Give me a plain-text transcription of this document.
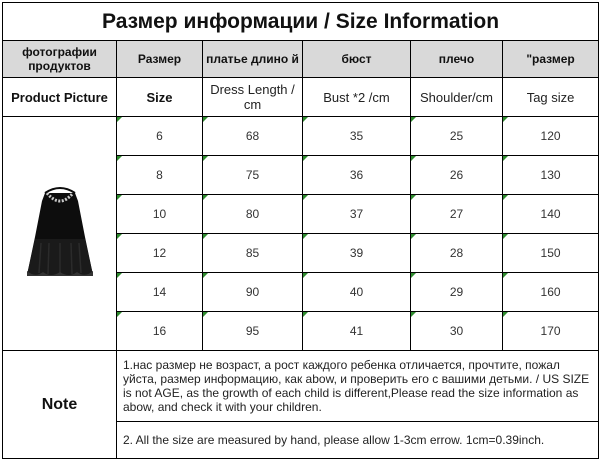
Размер информации / Size Information					
фотографии продуктов	Размер	платье длино й	бюст	плечо	"размер
Product Picture	Size	Dress Length / cm	Bust *2 /cm	Shoulder/cm	Tag size

6	68	35	25	120

8	75	36	26	130

10	80	37	27	140

12	85	39	28	150

14	90	40	29	160

16	95	41	30	170
Note	1.нас размер не возраст, а рост каждого ребенка отличается, прочтите, пожал уйста, размер информацию, как abow, и проверить его с вашими детьми. / US SIZE is not AGE, as the growth of each child is different,Please read the size information as abow, and check it with your children.				
	2. All the size are measured by hand, please allow 1-3cm errow. 1cm=0.39inch.				
